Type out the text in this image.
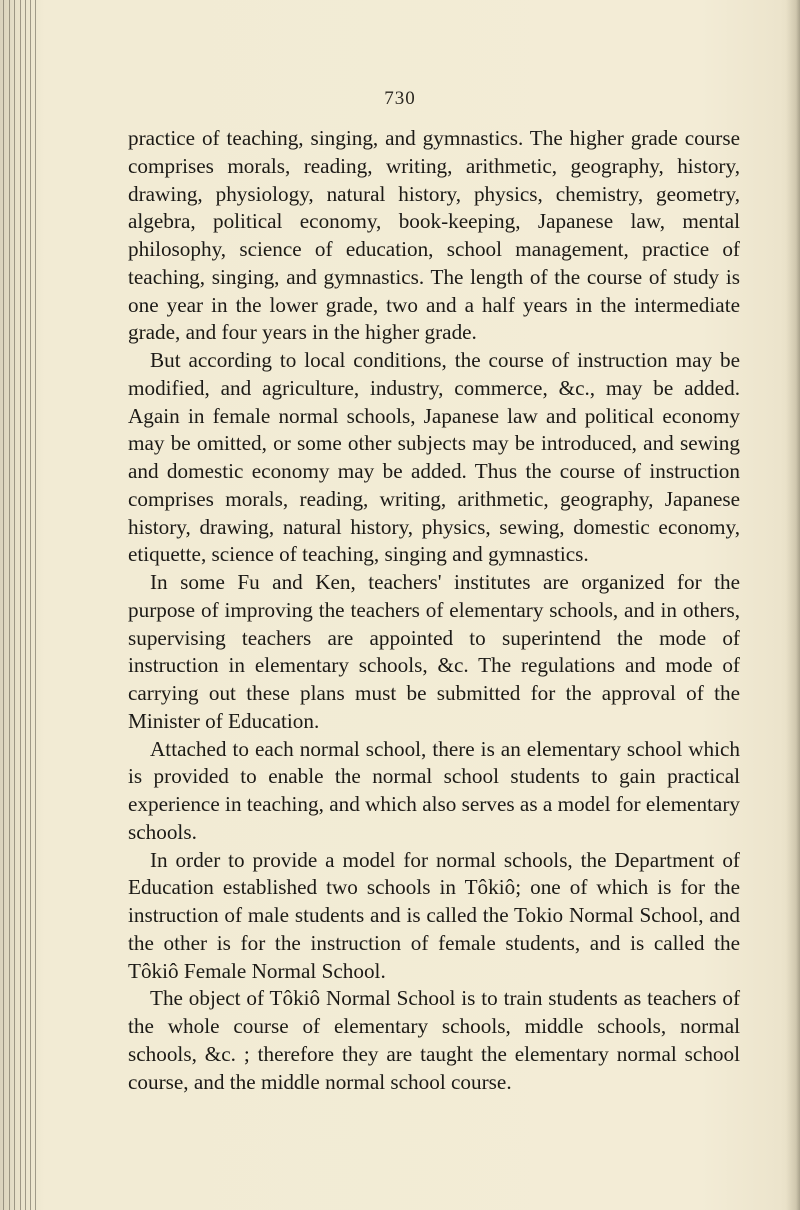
730

practice of teaching, singing, and gymnastics. The higher grade course comprises morals, reading, writing, arithmetic, geography, history, drawing, physiology, natural history, physics, chemistry, geometry, algebra, political economy, book-keeping, Japanese law, mental philosophy, science of education, school management, practice of teaching, singing, and gymnastics. The length of the course of study is one year in the lower grade, two and a half years in the intermediate grade, and four years in the higher grade.

But according to local conditions, the course of instruction may be modified, and agriculture, industry, commerce, &c., may be added. Again in female normal schools, Japanese law and political economy may be omitted, or some other subjects may be introduced, and sewing and domestic economy may be added. Thus the course of instruction comprises morals, reading, writing, arithmetic, geography, Japanese history, drawing, natural history, physics, sewing, domestic economy, etiquette, science of teaching, singing and gymnastics.

In some Fu and Ken, teachers' institutes are organized for the purpose of improving the teachers of elementary schools, and in others, supervising teachers are appointed to superintend the mode of instruction in elementary schools, &c. The regulations and mode of carrying out these plans must be submitted for the approval of the Minister of Education.

Attached to each normal school, there is an elementary school which is provided to enable the normal school students to gain practical experience in teaching, and which also serves as a model for elementary schools.

In order to provide a model for normal schools, the Department of Education established two schools in Tôkiô; one of which is for the instruction of male students and is called the Tokio Normal School, and the other is for the instruction of female students, and is called the Tôkiô Female Normal School.

The object of Tôkiô Normal School is to train students as teachers of the whole course of elementary schools, middle schools, normal schools, &c. ; therefore they are taught the elementary normal school course, and the middle normal school course.
